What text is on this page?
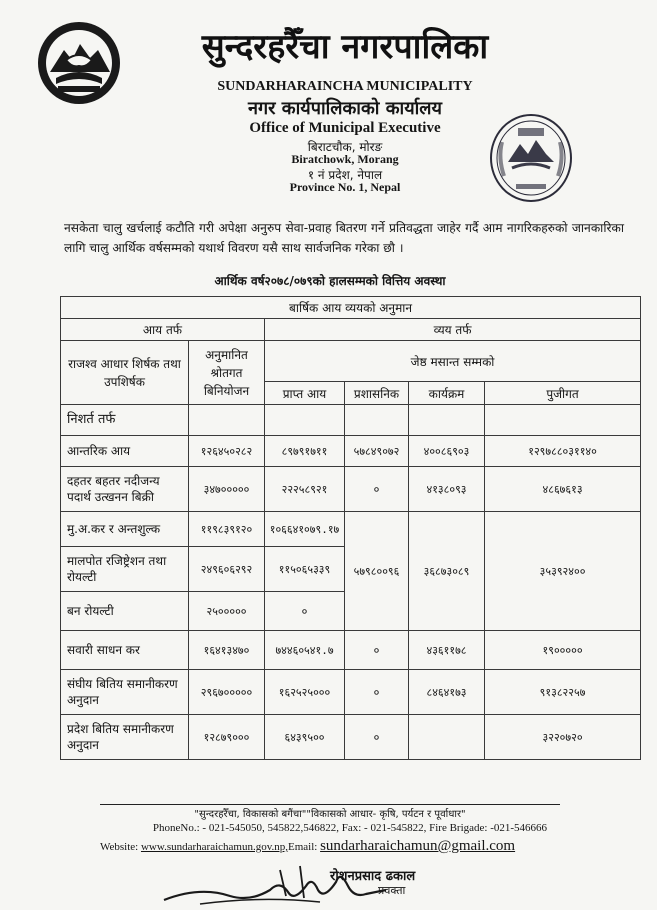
सुन्दरहरैँचा नगरपालिका
SUNDARHARAINCHA MUNICIPALITY
नगर कार्यपालिकाको कार्यालय
Office of Municipal Executive
बिराटचौक, मोरङ
Biratchowk, Morang
१ नं प्रदेश, नेपाल
Province No. 1, Nepal
नसकेता चालु खर्चलाई कटौति गरी अपेक्षा अनुरुप सेवा-प्रवाह बितरण गर्ने प्रतिवद्धता जाहेर गर्दै आम नागरिकहरुको जानकारिका लागि चालु आर्थिक वर्षसम्मको यथार्थ विवरण यसै साथ सार्वजनिक गरेका छौ ।
आर्थिक वर्ष२०७८/०७९को हालसम्मको वित्तिय अवस्था
बार्षिक आय व्ययको अनुमान					
आय तर्फ		व्यय तर्फ			
राजश्व आधार शिर्षक तथा उपशिर्षक	अनुमानित श्रोतगत बिनियोजन	जेष्ठ मसान्त सम्मको			
		प्राप्त आय	प्रशासनिक	कार्यक्रम	पुजीगत
निशर्त तर्फ					
आन्तरिक आय	१२६४५०२८२	८९७९१७११	५७८४९०७२	४००८६९०३	१२९७८८०३११४०
दहतर बहतर नदीजन्य पदार्थ उत्खनन बिक्री	३४७०००००	२२२५८९२१	०	४१३८०९३	४८६७६१३
मु.अ.कर र अन्तशुल्क	११९८३९१२०	१०६६४१०७९.१७	५७९८००९६	३६८७३०८९	३५३९२४००
मालपोत रजिष्ट्रेशन तथा रोयल्टी	२४९६०६२९२	११५०६५३३९			
बन रोयल्टी	२५०००००	०			
सवारी साधन कर	१६४१३४७०	७४४६०५४१.७	०	४३६११७८	१९०००००
संघीय बितिय समानीकरण अनुदान	२९६७०००००	१६२५२५०००	०	८४६४१७३	९१३८२२५७
प्रदेश बितिय समानीकरण अनुदान	१२८७९०००	६४३९५००	०		३२२०७२०
"सुन्दरहरैँचा, विकासको बगैंचा""विकासको आधार- कृषि, पर्यटन र पूर्वाधार"
PhoneNo.: - 021-545050, 545822,546822, Fax: - 021-545822, Fire Brigade: -021-546666
Website: www.sundarharaichamun.gov.np,Email: sundarharaichamun@gmail.com
रोशनप्रसाद ढकाल
प्रवक्ता
